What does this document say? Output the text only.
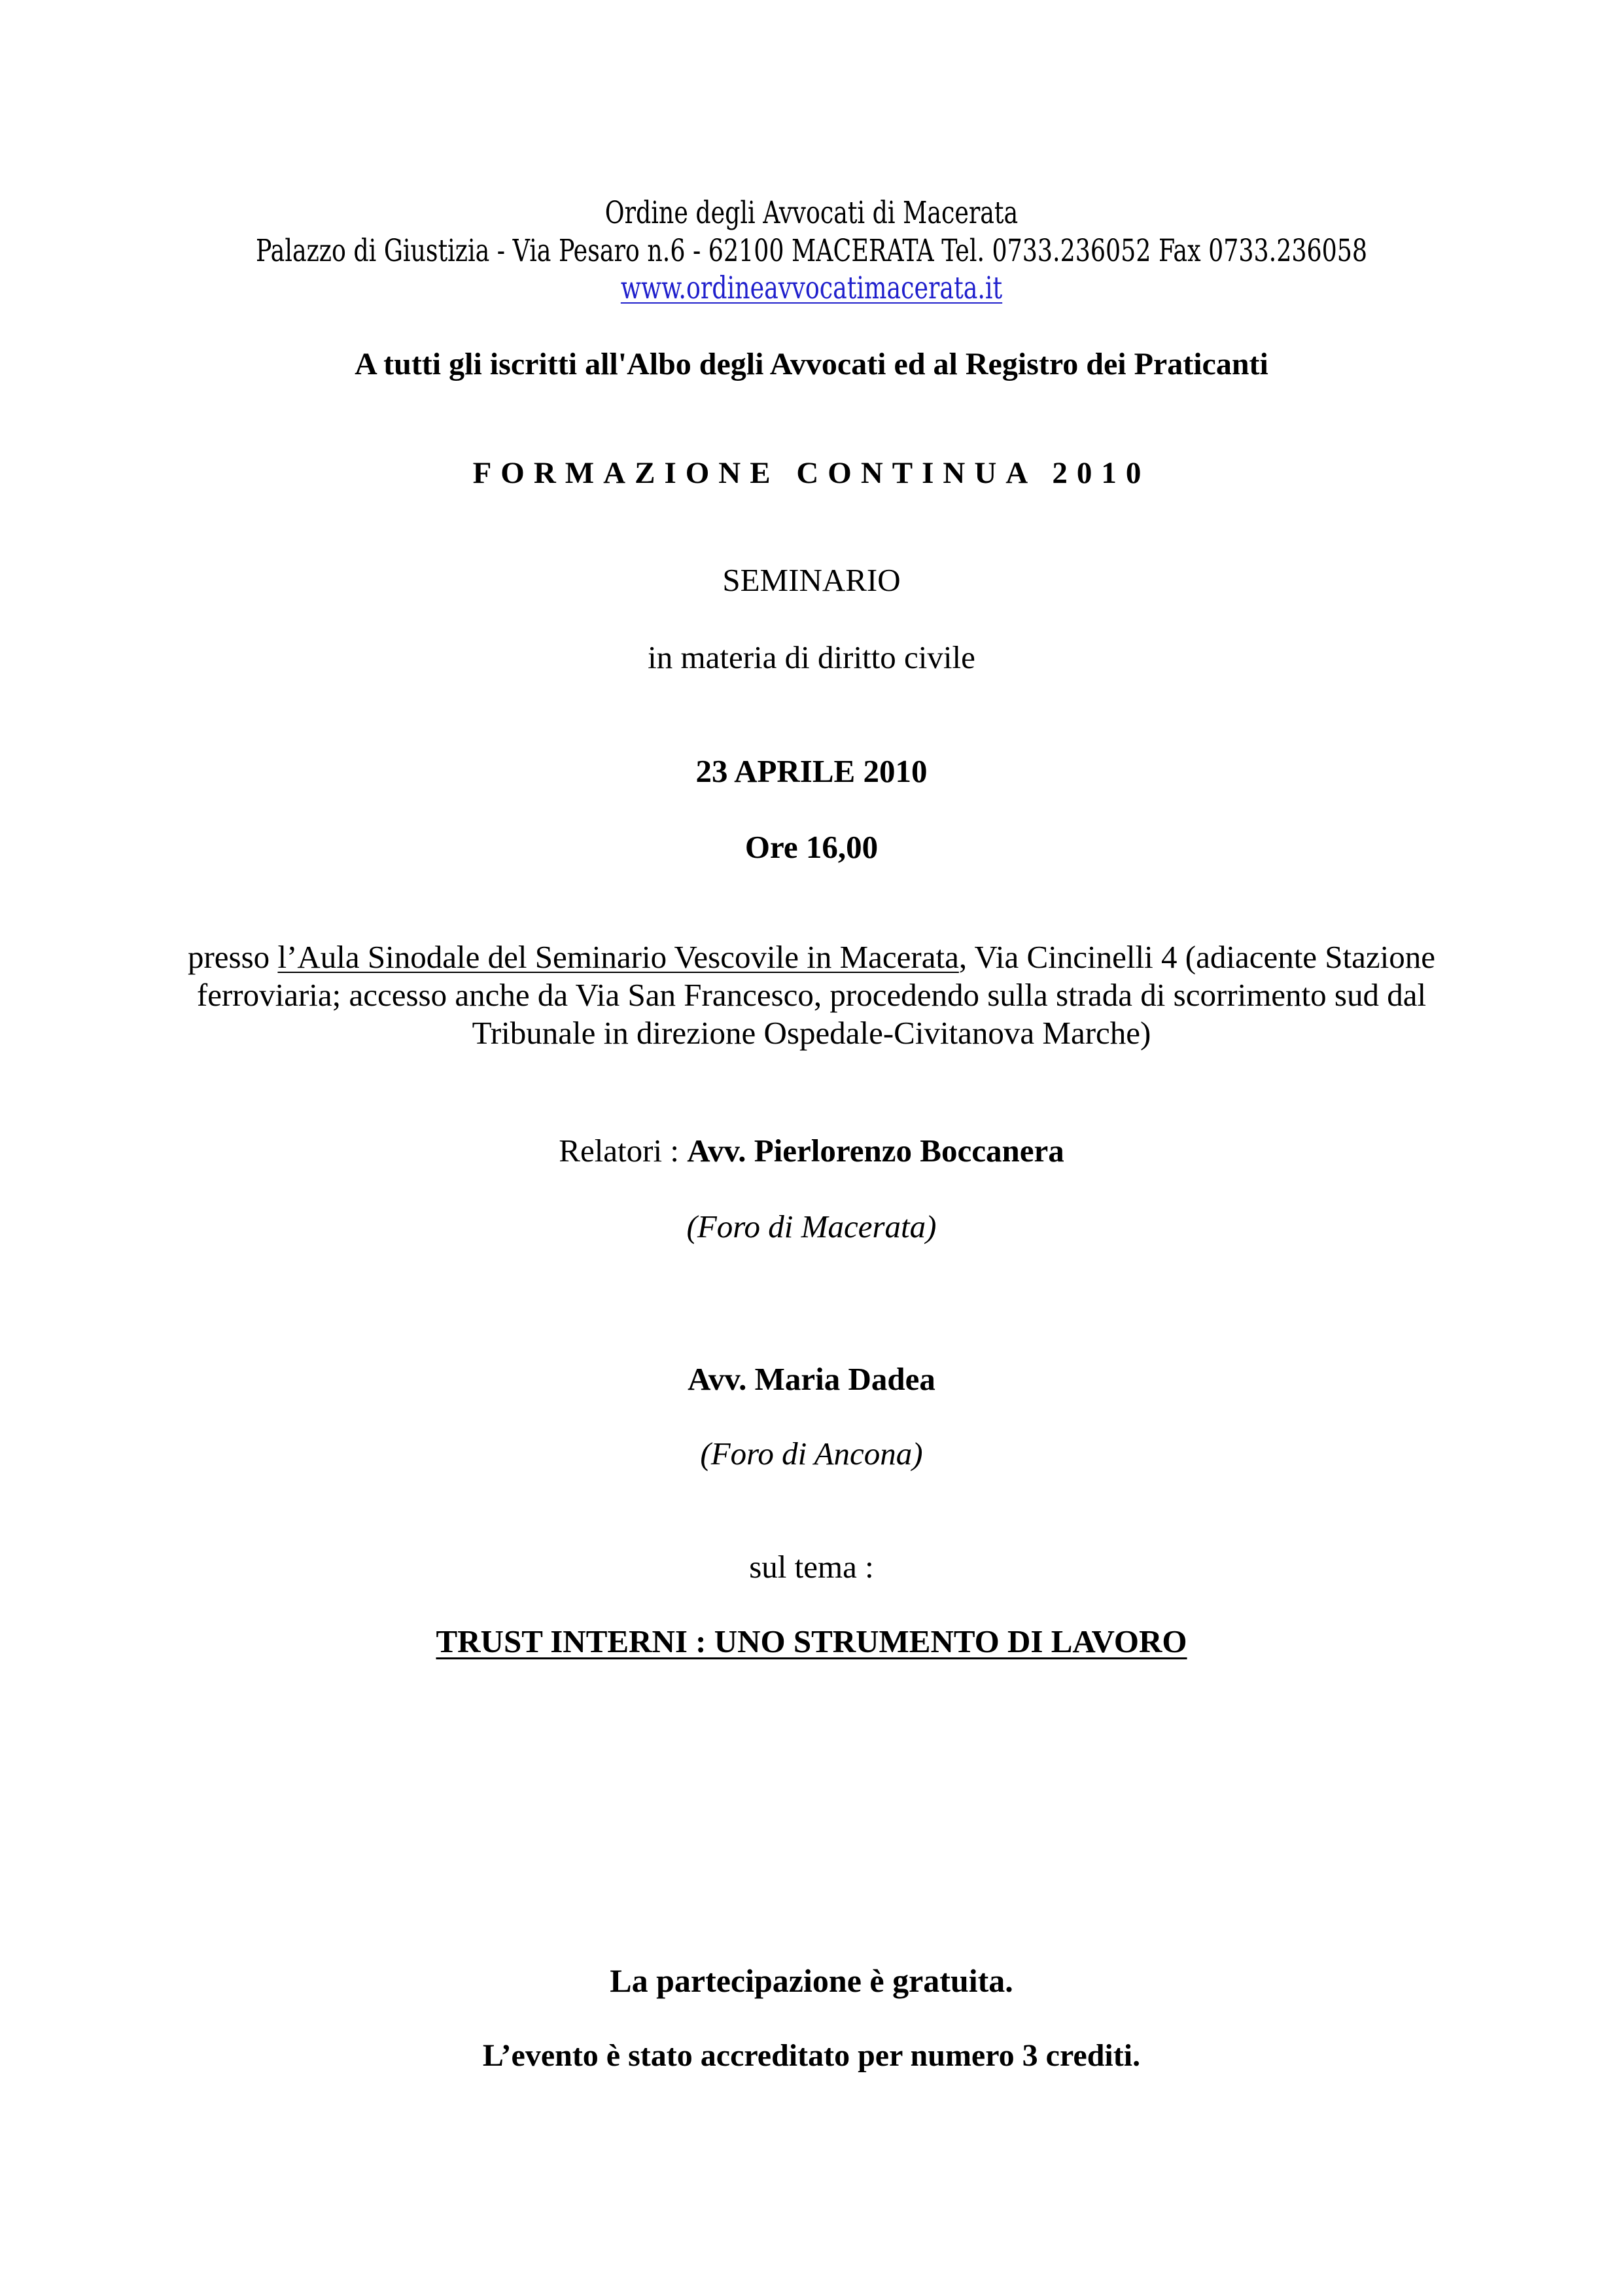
Ordine degli Avvocati di Macerata
Palazzo di Giustizia - Via Pesaro n.6 - 62100 MACERATA Tel. 0733.236052 Fax 0733.236058
www.ordineavvocatimacerata.it
A tutti gli iscritti all'Albo degli Avvocati ed al Registro dei Praticanti
FORMAZIONE CONTINUA 2010
SEMINARIO
in materia di diritto civile
23 APRILE 2010
Ore 16,00
presso l’Aula Sinodale del Seminario Vescovile in Macerata, Via Cincinelli 4 (adiacente Stazione
ferroviaria; accesso anche da Via San Francesco, procedendo sulla strada di scorrimento sud dal
Tribunale in direzione Ospedale-Civitanova Marche)
Relatori : Avv. Pierlorenzo Boccanera
(Foro di Macerata)
Avv. Maria Dadea
(Foro di Ancona)
sul tema :
TRUST INTERNI : UNO STRUMENTO DI LAVORO
La partecipazione è gratuita.
L’evento è stato accreditato per numero 3 crediti.
